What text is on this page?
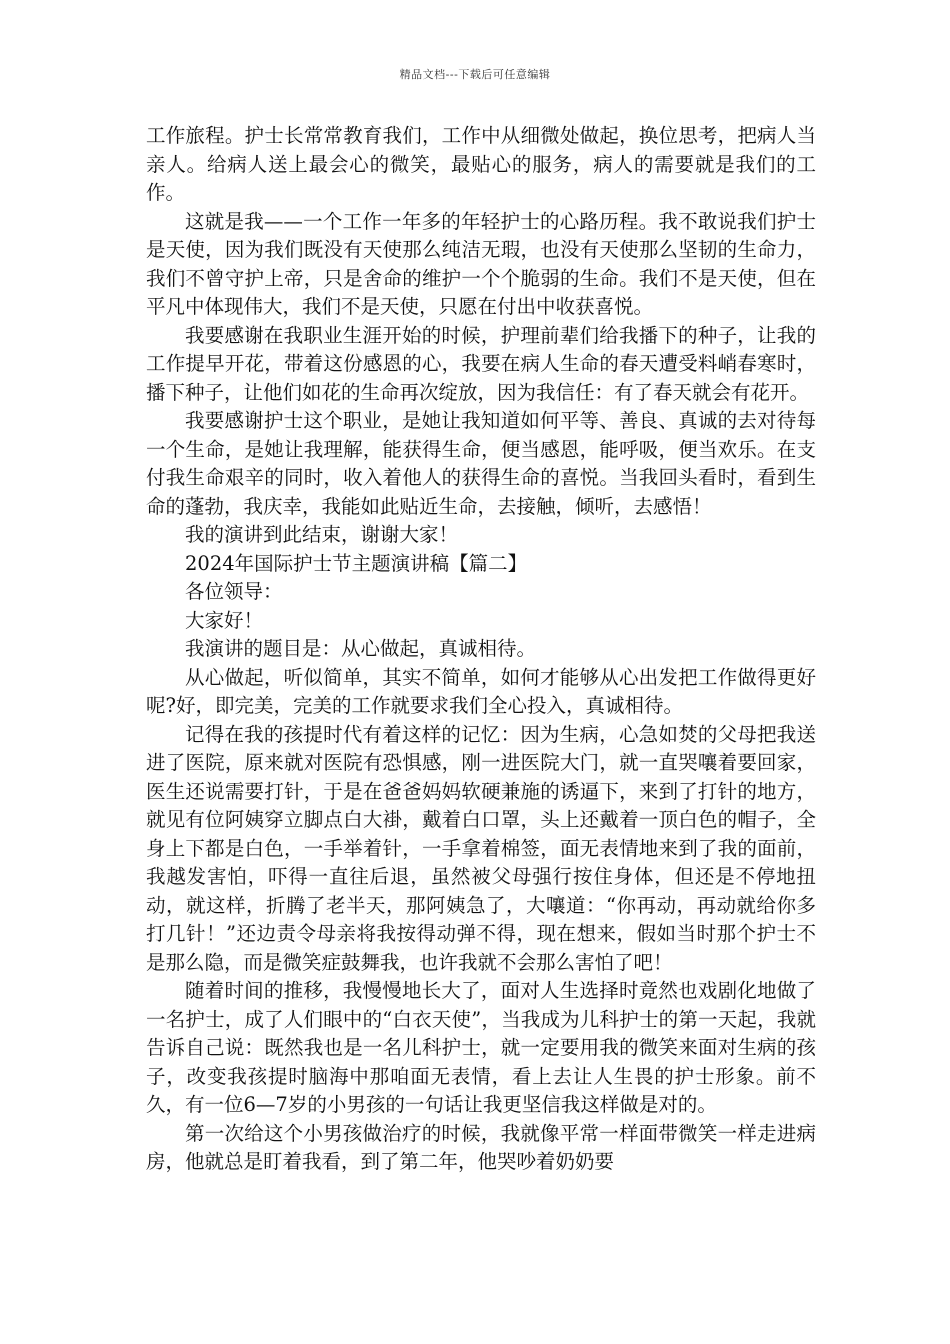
精品文档---下载后可任意编辑

工作旅程。护士长常常教育我们，工作中从细微处做起，换位思考，把病人当亲人。给病人送上最会心的微笑，最贴心的服务，病人的需要就是我们的工作。

这就是我——一个工作一年多的年轻护士的心路历程。我不敢说我们护士是天使，因为我们既没有天使那么纯洁无瑕，也没有天使那么坚韧的生命力，我们不曾守护上帝，只是舍命的维护一个个脆弱的生命。我们不是天使，但在平凡中体现伟大，我们不是天使，只愿在付出中收获喜悦。

我要感谢在我职业生涯开始的时候，护理前辈们给我播下的种子，让我的工作提早开花，带着这份感恩的心，我要在病人生命的春天遭受料峭春寒时，播下种子，让他们如花的生命再次绽放，因为我信任：有了春天就会有花开。

我要感谢护士这个职业，是她让我知道如何平等、善良、真诚的去对待每一个生命，是她让我理解，能获得生命，便当感恩，能呼吸，便当欢乐。在支付我生命艰辛的同时，收入着他人的获得生命的喜悦。当我回头看时，看到生命的蓬勃，我庆幸，我能如此贴近生命，去接触，倾听，去感悟！

我的演讲到此结束，谢谢大家！

2024年国际护士节主题演讲稿【篇二】

各位领导：

大家好！

我演讲的题目是：从心做起，真诚相待。

从心做起，听似简单，其实不简单，如何才能够从心出发把工作做得更好呢?好，即完美，完美的工作就要求我们全心投入，真诚相待。

记得在我的孩提时代有着这样的记忆：因为生病，心急如焚的父母把我送进了医院，原来就对医院有恐惧感，刚一进医院大门，就一直哭嚷着要回家，医生还说需要打针，于是在爸爸妈妈软硬兼施的诱逼下，来到了打针的地方，就见有位阿姨穿立脚点白大褂，戴着白口罩，头上还戴着一顶白色的帽子，全身上下都是白色，一手举着针，一手拿着棉签，面无表情地来到了我的面前，我越发害怕，吓得一直往后退，虽然被父母强行按住身体，但还是不停地扭动，就这样，折腾了老半天，那阿姨急了，大嚷道：“你再动，再动就给你多打几针！”还边责令母亲将我按得动弹不得，现在想来，假如当时那个护士不是那么隐，而是微笑症鼓舞我，也许我就不会那么害怕了吧！

随着时间的推移，我慢慢地长大了，面对人生选择时竟然也戏剧化地做了一名护士，成了人们眼中的“白衣天使”，当我成为儿科护士的第一天起，我就告诉自己说：既然我也是一名儿科护士，就一定要用我的微笑来面对生病的孩子，改变我孩提时脑海中那咱面无表情，看上去让人生畏的护士形象。前不久，有一位6—7岁的小男孩的一句话让我更坚信我这样做是对的。

第一次给这个小男孩做治疗的时候，我就像平常一样面带微笑一样走进病房，他就总是盯着我看，到了第二年，他哭吵着奶奶要
